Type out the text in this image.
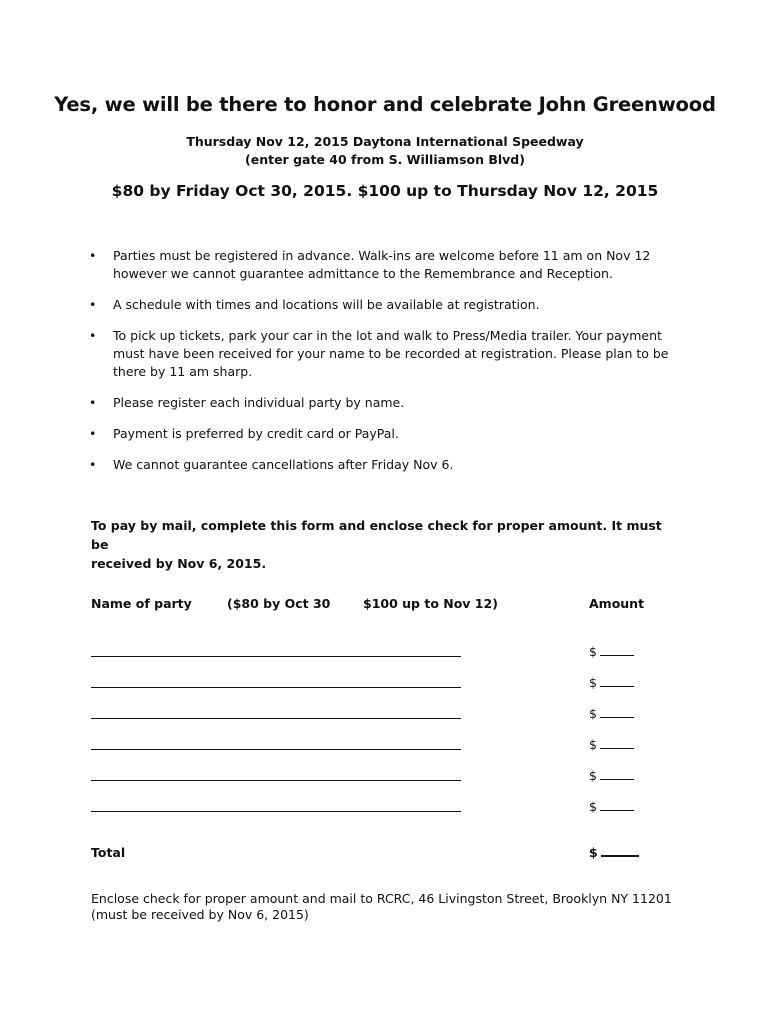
Yes, we will be there to honor and celebrate John Greenwood
Thursday Nov 12, 2015 Daytona International Speedway
(enter gate 40 from S. Williamson Blvd)
$80 by Friday Oct 30, 2015. $100 up to Thursday Nov 12, 2015
• Parties must be registered in advance. Walk-ins are welcome before 11 am on Nov 12
however we cannot guarantee admittance to the Remembrance and Reception.
• A schedule with times and locations will be available at registration.
• To pick up tickets, park your car in the lot and walk to Press/Media trailer. Your payment
must have been received for your name to be recorded at registration. Please plan to be
there by 11 am sharp.
• Please register each individual party by name.
• Payment is preferred by credit card or PayPal.
• We cannot guarantee cancellations after Friday Nov 6.
To pay by mail, complete this form and enclose check for proper amount. It must be
received by Nov 6, 2015.
Name of party	($80 by Oct 30	$100 up to Nov 12)	Amount
$
$
$
$
$
$
Total	$
Enclose check for proper amount and mail to RCRC, 46 Livingston Street, Brooklyn NY 11201
(must be received by Nov 6, 2015)
